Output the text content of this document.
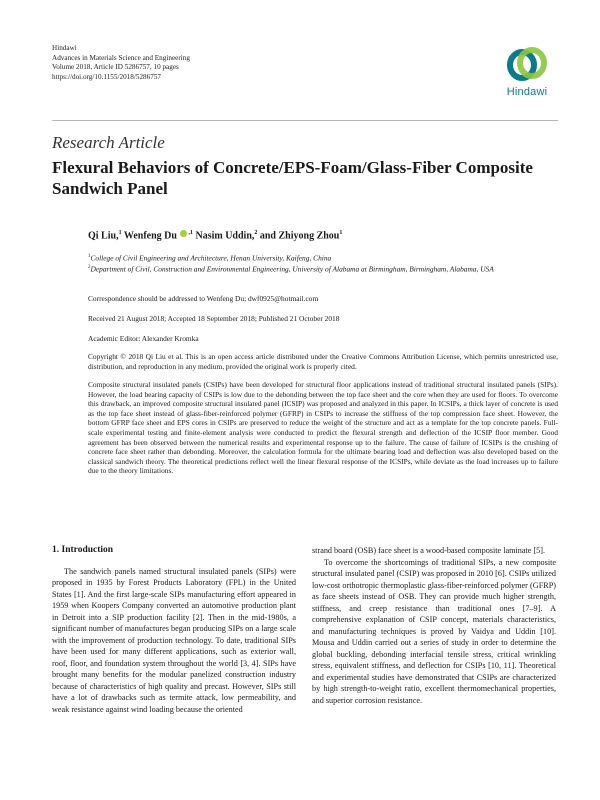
Hindawi
Advances in Materials Science and Engineering
Volume 2018, Article ID 5286757, 10 pages
https://doi.org/10.1155/2018/5286757
Hindawi
Research Article
Flexural Behaviors of Concrete/EPS-Foam/Glass-Fiber Composite Sandwich Panel
Qi Liu,$^1$ Wenfeng Du $^{,1}$ Nasim Uddin,$^2$ and Zhiyong Zhou$^1$
$^1$College of Civil Engineering and Architecture, Henan University, Kaifeng, China
$^2$Department of Civil, Construction and Environmental Engineering, University of Alabama at Birmingham, Birmingham, Alabama, USA
Correspondence should be addressed to Wenfeng Du; dwf0925@hotmail.com
Received 21 August 2018; Accepted 18 September 2018; Published 21 October 2018
Academic Editor: Alexander Kromka
Copyright © 2018 Qi Liu et al. This is an open access article distributed under the Creative Commons Attribution License, which permits unrestricted use, distribution, and reproduction in any medium, provided the original work is properly cited.
Composite structural insulated panels (CSIPs) have been developed for structural floor applications instead of traditional structural insulated panels (SIPs). However, the load bearing capacity of CSIPs is low due to the debonding between the top face sheet and the core when they are used for floors. To overcome this drawback, an improved composite structural insulated panel (ICSIP) was proposed and analyzed in this paper. In ICSIPs, a thick layer of concrete is used as the top face sheet instead of glass-fiber-reinforced polymer (GFRP) in CSIPs to increase the stiffness of the top compression face sheet. However, the bottom GFRP face sheet and EPS cores in CSIPs are preserved to reduce the weight of the structure and act as a template for the top concrete panels. Full-scale experimental testing and finite-element analysis were conducted to predict the flexural strength and deflection of the ICSIP floor member. Good agreement has been observed between the numerical results and experimental response up to the failure. The cause of failure of ICSIPs is the crushing of concrete face sheet rather than debonding. Moreover, the calculation formula for the ultimate bearing load and deflection was also developed based on the classical sandwich theory. The theoretical predictions reflect well the linear flexural response of the ICSIPs, while deviate as the load increases up to failure due to the theory limitations.
1. Introduction

The sandwich panels named structural insulated panels (SIPs) were proposed in 1935 by Forest Products Laboratory (FPL) in the United States [1]. And the first large-scale SIPs manufacturing effort appeared in 1959 when Koopers Company converted an automotive production plant in Detroit into a SIP production facility [2]. Then in the mid-1980s, a significant number of manufactures began producing SIPs on a large scale with the improvement of production technology. To date, traditional SIPs have been used for many different applications, such as exterior wall, roof, floor, and foundation system throughout the world [3, 4]. SIPs have brought many benefits for the modular panelized construction industry because of characteristics of high quality and precast. However, SIPs still have a lot of drawbacks such as termite attack, low permeability, and weak resistance against wind loading because the oriented

strand board (OSB) face sheet is a wood-based composite laminate [5].

To overcome the shortcomings of traditional SIPs, a new composite structural insulated panel (CSIP) was proposed in 2010 [6]. CSIPs utilized low-cost orthotropic thermoplastic glass-fiber-reinforced polymer (GFRP) as face sheets instead of OSB. They can provide much higher strength, stiffness, and creep resistance than traditional ones [7–9]. A comprehensive explanation of CSIP concept, materials characteristics, and manufacturing techniques is proved by Vaidya and Uddin [10]. Mousa and Uddin carried out a series of study in order to determine the global buckling, debonding interfacial tensile stress, critical wrinkling stress, equivalent stiffness, and deflection for CSIPs [10, 11]. Theoretical and experimental studies have demonstrated that CSIPs are characterized by high strength-to-weight ratio, excellent thermomechanical properties, and superior corrosion resistance.
